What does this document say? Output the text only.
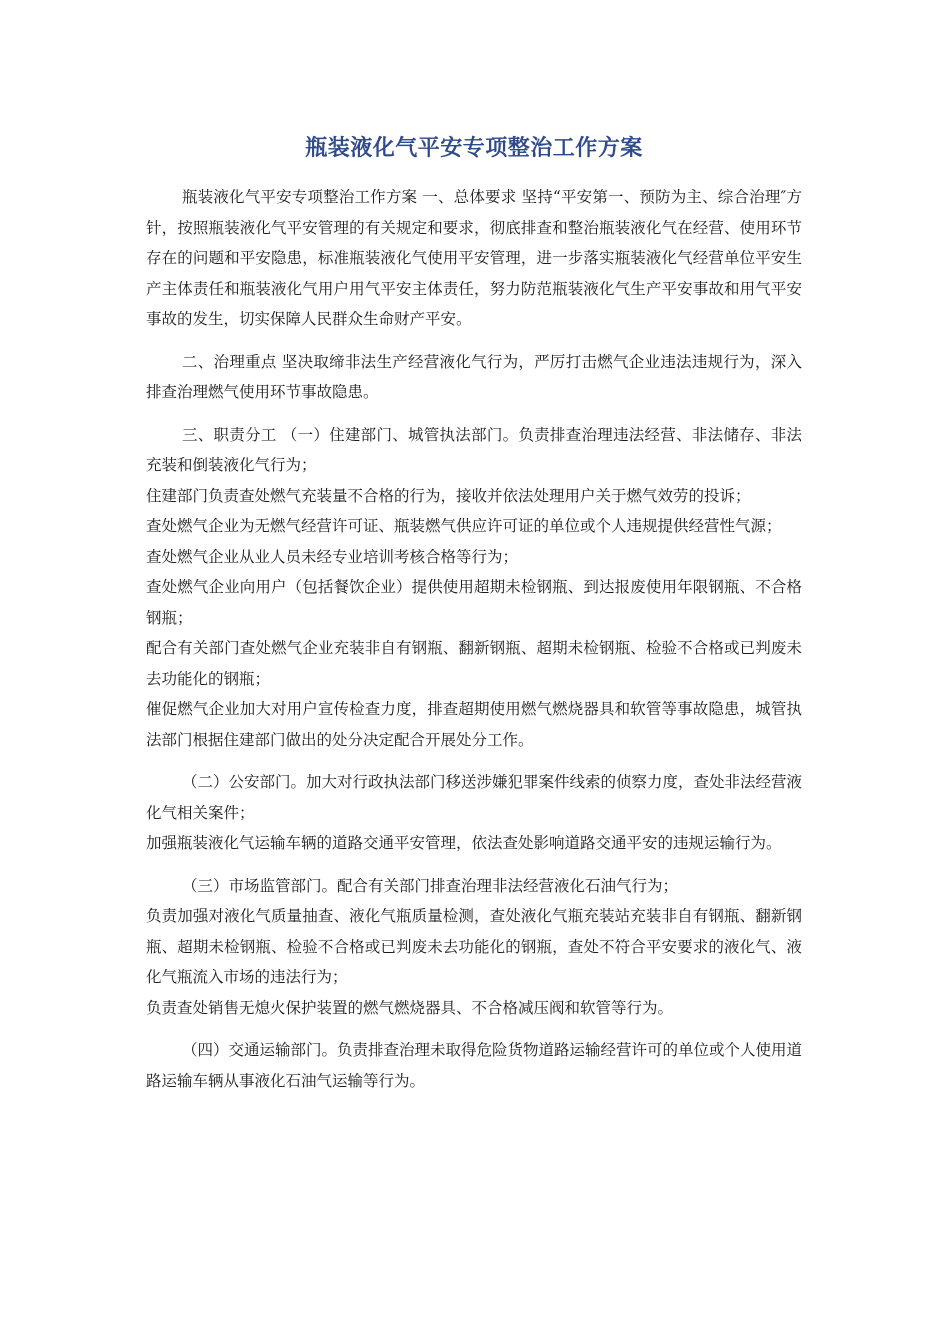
瓶装液化气平安专项整治工作方案

瓶装液化气平安专项整治工作方案 一、总体要求 坚持“平安第一、预防为主、综合治理″方针，按照瓶装液化气平安管理的有关规定和要求，彻底排查和整治瓶装液化气在经营、使用环节存在的问题和平安隐患，标准瓶装液化气使用平安管理，进一步落实瓶装液化气经营单位平安生产主体责任和瓶装液化气用户用气平安主体责任，努力防范瓶装液化气生产平安事故和用气平安事故的发生，切实保障人民群众生命财产平安。

二、治理重点 坚决取缔非法生产经营液化气行为，严厉打击燃气企业违法违规行为，深入排查治理燃气使用环节事故隐患。

三、职责分工 （一）住建部门、城管执法部门。负责排查治理违法经营、非法储存、非法充装和倒装液化气行为；

住建部门负责查处燃气充装量不合格的行为，接收并依法处理用户关于燃气效劳的投诉；

查处燃气企业为无燃气经营许可证、瓶装燃气供应许可证的单位或个人违规提供经营性气源；

查处燃气企业从业人员未经专业培训考核合格等行为；

查处燃气企业向用户（包括餐饮企业）提供使用超期未检钢瓶、到达报废使用年限钢瓶、不合格钢瓶；

配合有关部门查处燃气企业充装非自有钢瓶、翻新钢瓶、超期未检钢瓶、检验不合格或已判废未去功能化的钢瓶；

催促燃气企业加大对用户宣传检查力度，排查超期使用燃气燃烧器具和软管等事故隐患，城管执法部门根据住建部门做出的处分决定配合开展处分工作。

（二）公安部门。加大对行政执法部门移送涉嫌犯罪案件线索的侦察力度，查处非法经营液化气相关案件；

加强瓶装液化气运输车辆的道路交通平安管理，依法查处影响道路交通平安的违规运输行为。

（三）市场监管部门。配合有关部门排查治理非法经营液化石油气行为；

负责加强对液化气质量抽查、液化气瓶质量检测，查处液化气瓶充装站充装非自有钢瓶、翻新钢瓶、超期未检钢瓶、检验不合格或已判废未去功能化的钢瓶，查处不符合平安要求的液化气、液化气瓶流入市场的违法行为；

负责查处销售无熄火保护装置的燃气燃烧器具、不合格减压阀和软管等行为。

（四）交通运输部门。负责排查治理未取得危险货物道路运输经营许可的单位或个人使用道路运输车辆从事液化石油气运输等行为。
